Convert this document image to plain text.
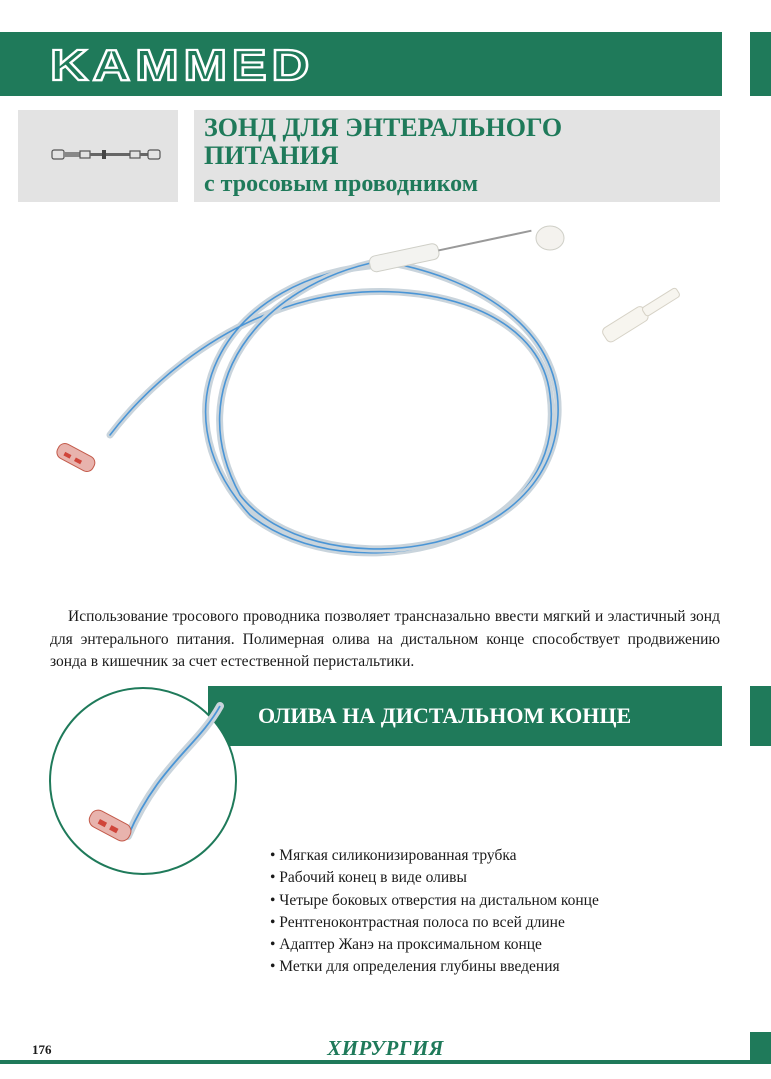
KAMMED
ЗОНД ДЛЯ ЭНТЕРАЛЬНОГО
ПИТАНИЯ
с тросовым проводником

Использование тросового проводника позволяет трансназально ввести мягкий и эластичный зонд для энтерального питания. Полимерная олива на дистальном конце способствует продвижению зонда в кишечник за счет естественной перистальтики.

ОЛИВА НА ДИСТАЛЬНОМ КОНЦЕ
• Мягкая силиконизированная трубка
• Рабочий конец в виде оливы
• Четыре боковых отверстия на дистальном конце
• Рентгеноконтрастная полоса по всей длине
• Адаптер Жанэ на проксимальном конце
• Метки для определения глубины введения

176	ХИРУРГИЯ
